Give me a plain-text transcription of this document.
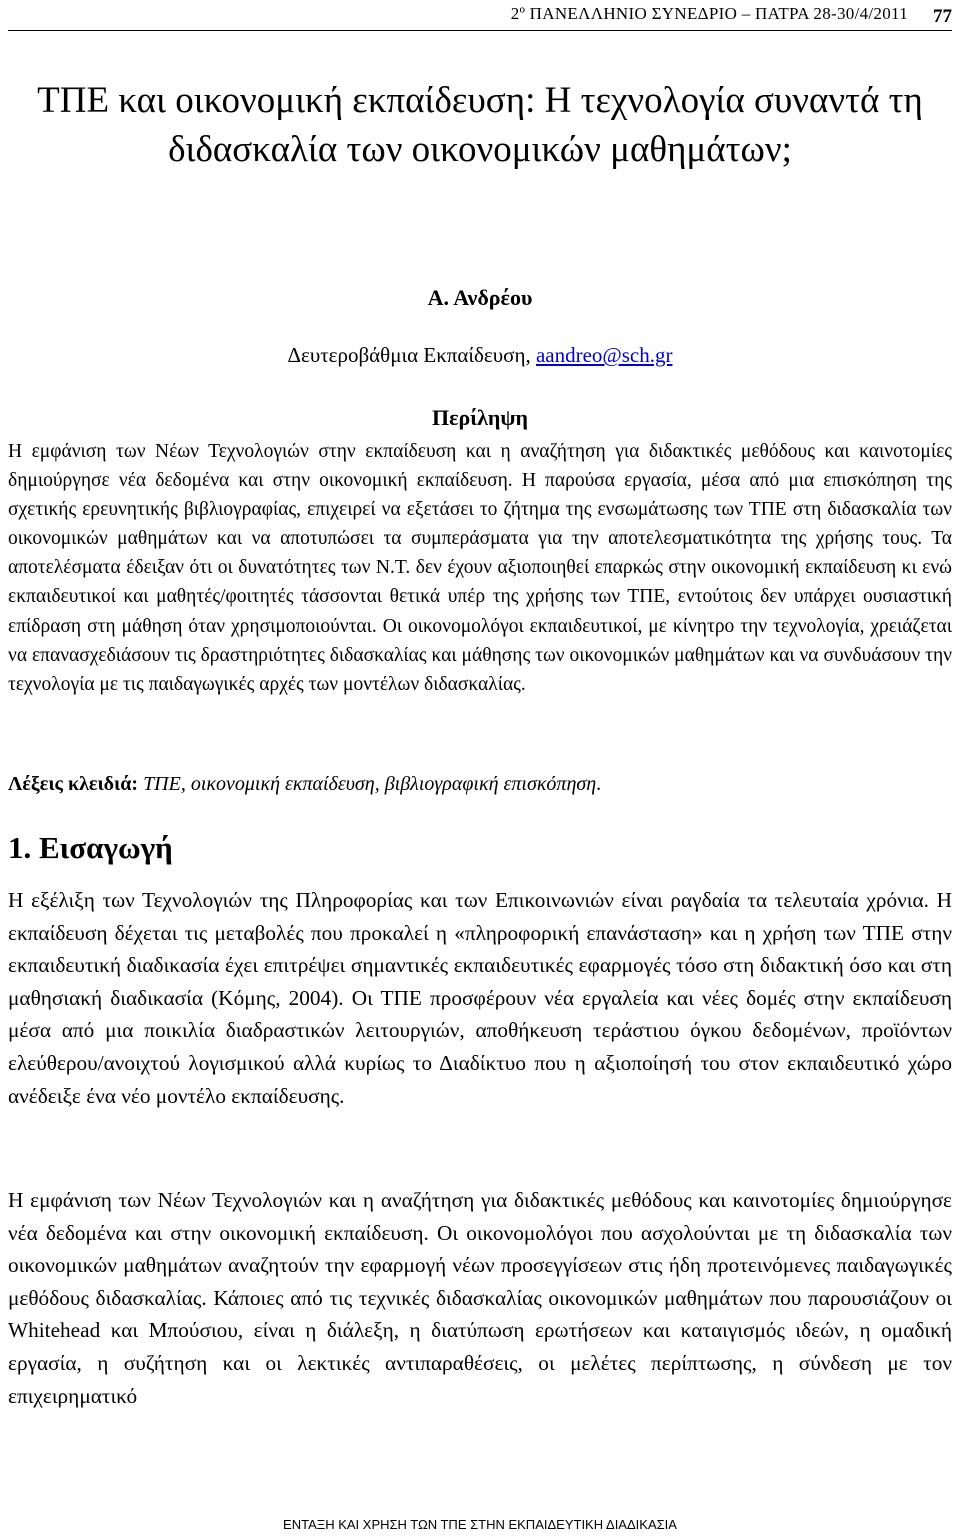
2º ΠΑΝΕΛΛΗΝΙΟ ΣΥΝΕΔΡΙΟ – ΠΑΤΡΑ 28-30/4/2011 77
ΤΠΕ και οικονομική εκπαίδευση: Η τεχνολογία συναντά τη διδασκαλία των οικονομικών μαθημάτων;
Α. Ανδρέου
Δευτεροβάθμια Εκπαίδευση, aandreo@sch.gr
Περίληψη

Η εμφάνιση των Νέων Τεχνολογιών στην εκπαίδευση και η αναζήτηση για διδακτικές μεθόδους και καινοτομίες δημιούργησε νέα δεδομένα και στην οικονομική εκπαίδευση. Η παρούσα εργασία, μέσα από μια επισκόπηση της σχετικής ερευνητικής βιβλιογραφίας, επιχειρεί να εξετάσει το ζήτημα της ενσωμάτωσης των ΤΠΕ στη διδασκαλία των οικονομικών μαθημάτων και να αποτυπώσει τα συμπεράσματα για την αποτελεσματικότητα της χρήσης τους. Τα αποτελέσματα έδειξαν ότι οι δυνατότητες των Ν.Τ. δεν έχουν αξιοποιηθεί επαρκώς στην οικονομική εκπαίδευση κι ενώ εκπαιδευτικοί και μαθητές/φοιτητές τάσσονται θετικά υπέρ της χρήσης των ΤΠΕ, εντούτοις δεν υπάρχει ουσιαστική επίδραση στη μάθηση όταν χρησιμοποιούνται. Οι οικονομολόγοι εκπαιδευτικοί, με κίνητρο την τεχνολογία, χρειάζεται να επανασχεδιάσουν τις δραστηριότητες διδασκαλίας και μάθησης των οικονομικών μαθημάτων και να συνδυάσουν την τεχνολογία με τις παιδαγωγικές αρχές των μοντέλων διδασκαλίας.

Λέξεις κλειδιά: ΤΠΕ, οικονομική εκπαίδευση, βιβλιογραφική επισκόπηση.

1. Εισαγωγή

Η εξέλιξη των Τεχνολογιών της Πληροφορίας και των Επικοινωνιών είναι ραγδαία τα τελευταία χρόνια. Η εκπαίδευση δέχεται τις μεταβολές που προκαλεί η «πληροφορική επανάσταση» και η χρήση των ΤΠΕ στην εκπαιδευτική διαδικασία έχει επιτρέψει σημαντικές εκπαιδευτικές εφαρμογές τόσο στη διδακτική όσο και στη μαθησιακή διαδικασία (Κόμης, 2004). Οι ΤΠΕ προσφέρουν νέα εργαλεία και νέες δομές στην εκπαίδευση μέσα από μια ποικιλία διαδραστικών λειτουργιών, αποθήκευση τεράστιου όγκου δεδομένων, προϊόντων ελεύθερου/ανοιχτού λογισμικού αλλά κυρίως το Διαδίκτυο που η αξιοποίησή του στον εκπαιδευτικό χώρο ανέδειξε ένα νέο μοντέλο εκπαίδευσης.

Η εμφάνιση των Νέων Τεχνολογιών και η αναζήτηση για διδακτικές μεθόδους και καινοτομίες δημιούργησε νέα δεδομένα και στην οικονομική εκπαίδευση. Οι οικονομολόγοι που ασχολούνται με τη διδασκαλία των οικονομικών μαθημάτων αναζητούν την εφαρμογή νέων προσεγγίσεων στις ήδη προτεινόμενες παιδαγωγικές μεθόδους διδασκαλίας. Κάποιες από τις τεχνικές διδασκαλίας οικονομικών μαθημάτων που παρουσιάζουν οι Whitehead και Μπούσιου, είναι η διάλεξη, η διατύπωση ερωτήσεων και καταιγισμός ιδεών, η ομαδική εργασία, η συζήτηση και οι λεκτικές αντιπαραθέσεις, οι μελέτες περίπτωσης, η σύνδεση με τον επιχειρηματικό

ΕΝΤΑΞΗ ΚΑΙ ΧΡΗΣΗ ΤΩΝ ΤΠΕ ΣΤΗΝ ΕΚΠΑΙΔΕΥΤΙΚΗ ΔΙΑΔΙΚΑΣΙΑ
